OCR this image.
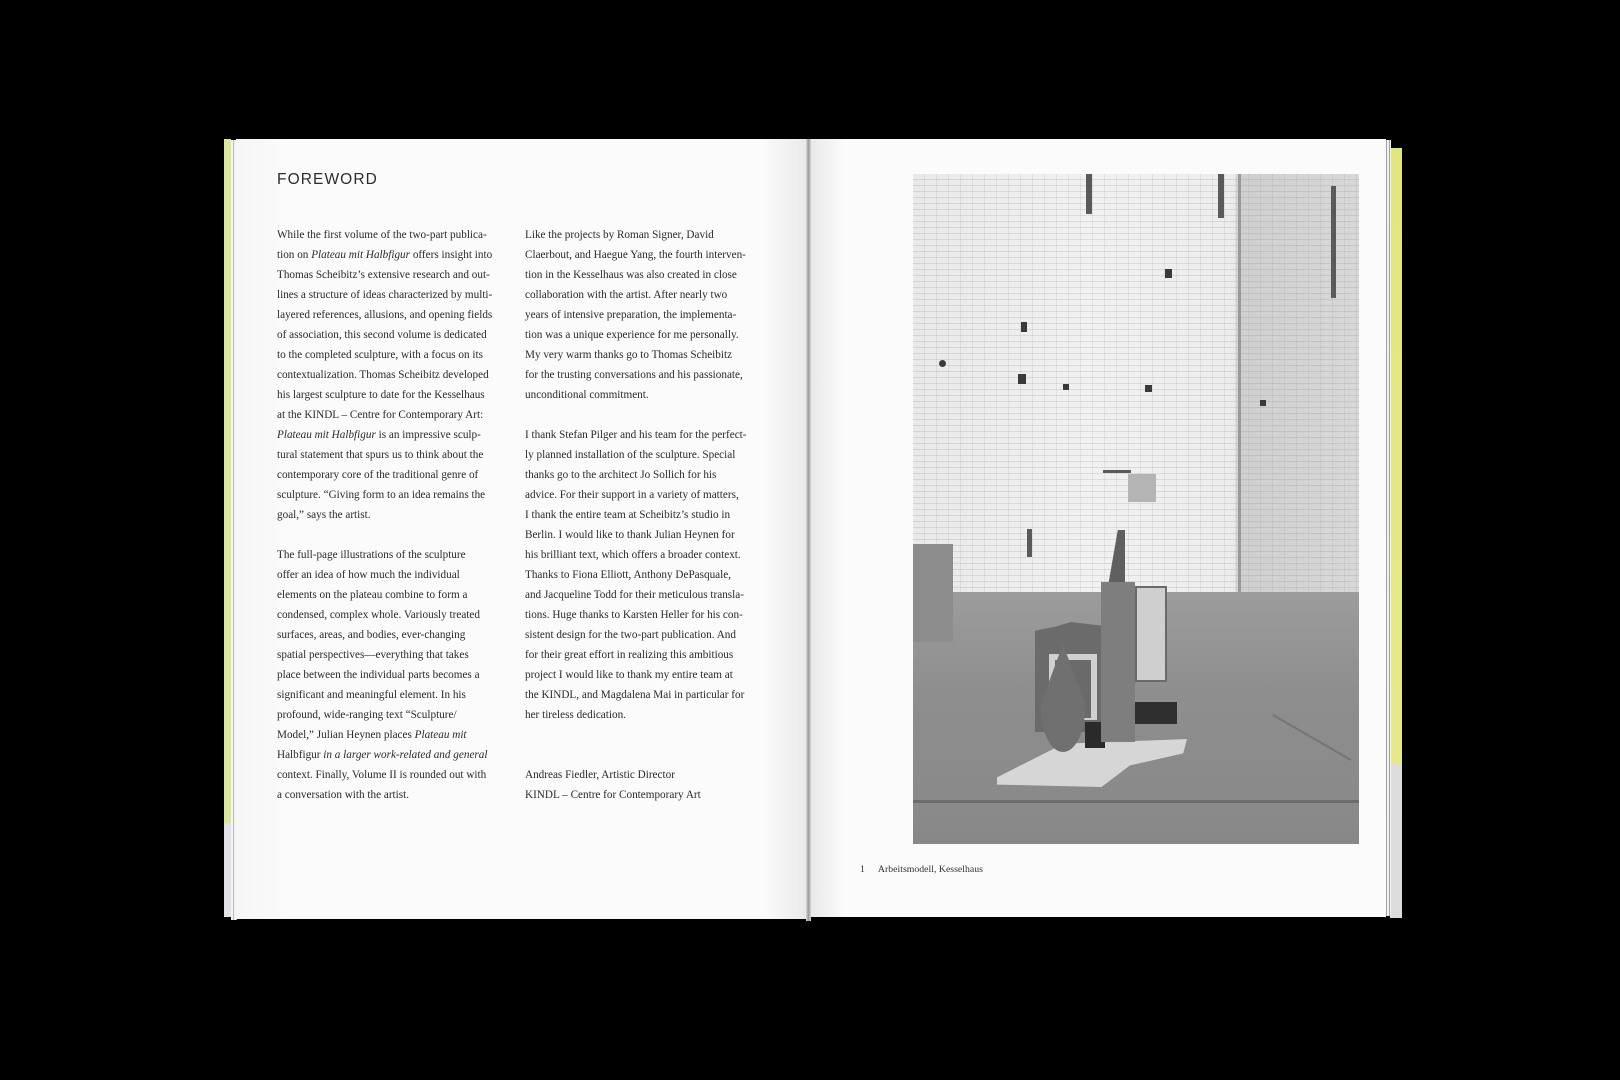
FOREWORD

While the first volume of the two-part publica-
tion on Plateau mit Halbfigur offers insight into
Thomas Scheibitz’s extensive research and out-
lines a structure of ideas characterized by multi-
layered references, allusions, and opening fields
of association, this second volume is dedicated
to the completed sculpture, with a focus on its
contextualization. Thomas Scheibitz developed
his largest sculpture to date for the Kesselhaus
at the KINDL – Centre for Contemporary Art:
Plateau mit Halbfigur is an impressive sculp-
tural statement that spurs us to think about the
contemporary core of the traditional genre of
sculpture. “Giving form to an idea remains the
goal,” says the artist.

The full-page illustrations of the sculpture
offer an idea of how much the individual
elements on the plateau combine to form a
condensed, complex whole. Variously treated
surfaces, areas, and bodies, ever-changing
spatial perspectives—everything that takes
place between the individual parts becomes a
significant and meaningful element. In his
profound, wide-ranging text “Sculpture/
Model,” Julian Heynen places Plateau mit
Halbfigur in a larger work-related and general
context. Finally, Volume II is rounded out with
a conversation with the artist.

Like the projects by Roman Signer, David
Claerbout, and Haegue Yang, the fourth interven-
tion in the Kesselhaus was also created in close
collaboration with the artist. After nearly two
years of intensive preparation, the implementa-
tion was a unique experience for me personally.
My very warm thanks go to Thomas Scheibitz
for the trusting conversations and his passionate,
unconditional commitment.

I thank Stefan Pilger and his team for the perfect-
ly planned installation of the sculpture. Special
thanks go to the architect Jo Sollich for his
advice. For their support in a variety of matters,
I thank the entire team at Scheibitz’s studio in
Berlin. I would like to thank Julian Heynen for
his brilliant text, which offers a broader context.
Thanks to Fiona Elliott, Anthony DePasquale,
and Jacqueline Todd for their meticulous transla-
tions. Huge thanks to Karsten Heller for his con-
sistent design for the two-part publication. And
for their great effort in realizing this ambitious
project I would like to thank my entire team at
the KINDL, and Magdalena Mai in particular for
her tireless dedication.

Andreas Fiedler, Artistic Director
KINDL – Centre for Contemporary Art
1 Arbeitsmodell, Kesselhaus
